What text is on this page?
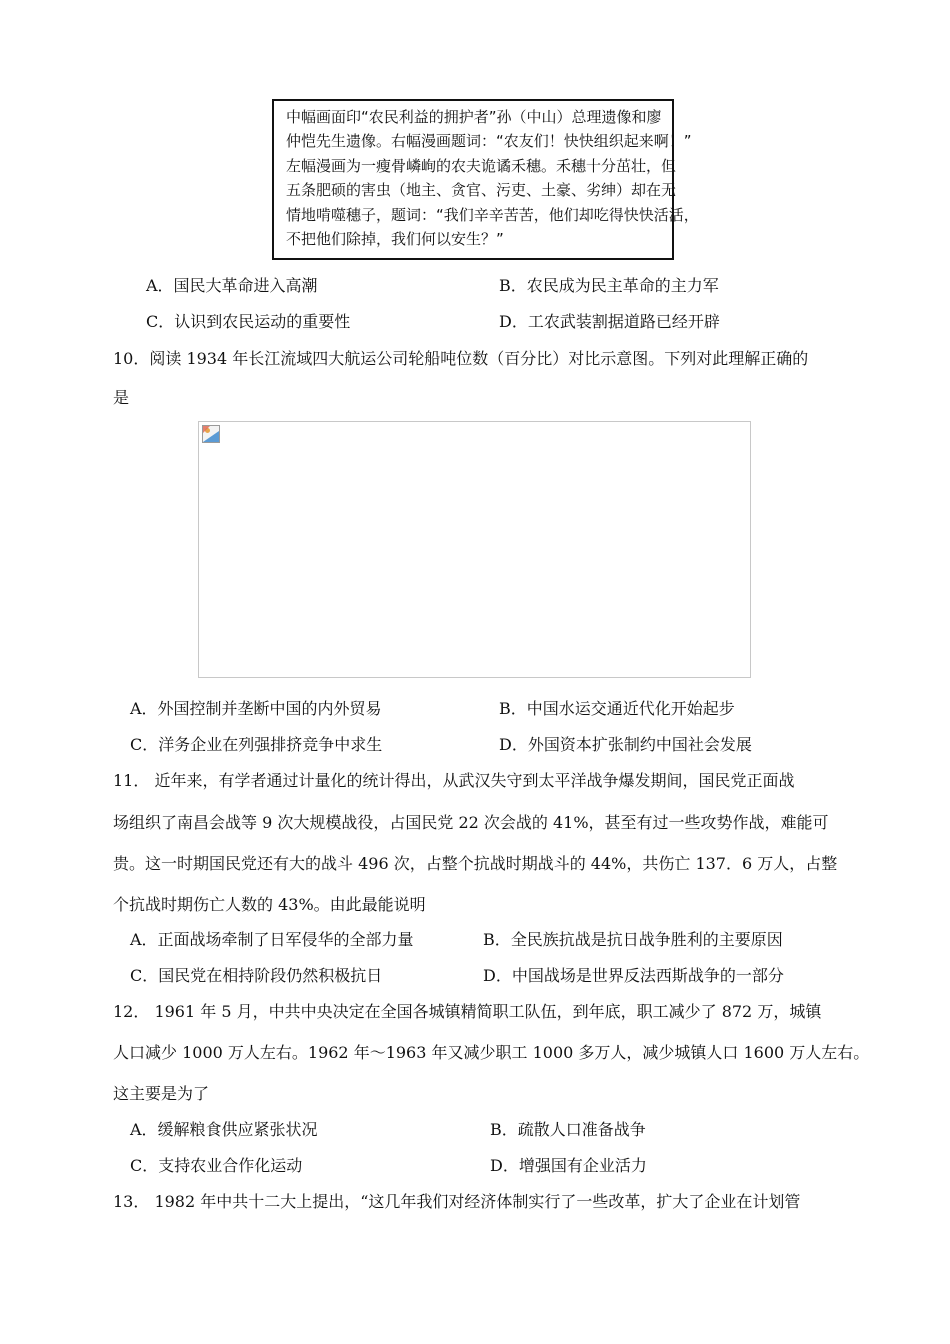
中幅画面印“农民利益的拥护者”孙（中山）总理遗像和廖
仲恺先生遗像。右幅漫画题词：“农友们！快快组织起来啊！”
左幅漫画为一瘦骨嶙峋的农夫诡谲禾穗。禾穗十分茁壮，但
五条肥硕的害虫（地主、贪官、污吏、土豪、劣绅）却在无
情地啃噬穗子，题词：“我们辛辛苦苦，他们却吃得快快活活，
不把他们除掉，我们何以安生？”
A．国民大革命进入高潮	B．农民成为民主革命的主力军
C．认识到农民运动的重要性	D．工农武装割据道路已经开辟
10．阅读 1934 年长江流域四大航运公司轮船吨位数（百分比）对比示意图。下列对此理解正确的
是
A．外国控制并垄断中国的内外贸易	B．中国水运交通近代化开始起步
C．洋务企业在列强排挤竞争中求生	D．外国资本扩张制约中国社会发展
11． 近年来，有学者通过计量化的统计得出，从武汉失守到太平洋战争爆发期间，国民党正面战
场组织了南昌会战等 9 次大规模战役，占国民党 22 次会战的 41%，甚至有过一些攻势作战，难能可
贵。这一时期国民党还有大的战斗 496 次，占整个抗战时期战斗的 44%，共伤亡 137．6 万人，占整
个抗战时期伤亡人数的 43%。由此最能说明
A．正面战场牵制了日军侵华的全部力量	B．全民族抗战是抗日战争胜利的主要原因
C．国民党在相持阶段仍然积极抗日	D．中国战场是世界反法西斯战争的一部分
12． 1961 年 5 月，中共中央决定在全国各城镇精简职工队伍，到年底，职工减少了 872 万，城镇
人口减少 1000 万人左右。1962 年～1963 年又减少职工 1000 多万人，减少城镇人口 1600 万人左右。
这主要是为了
A．缓解粮食供应紧张状况	B．疏散人口准备战争
C．支持农业合作化运动	D．增强国有企业活力
13． 1982 年中共十二大上提出，“这几年我们对经济体制实行了一些改革，扩大了企业在计划管
